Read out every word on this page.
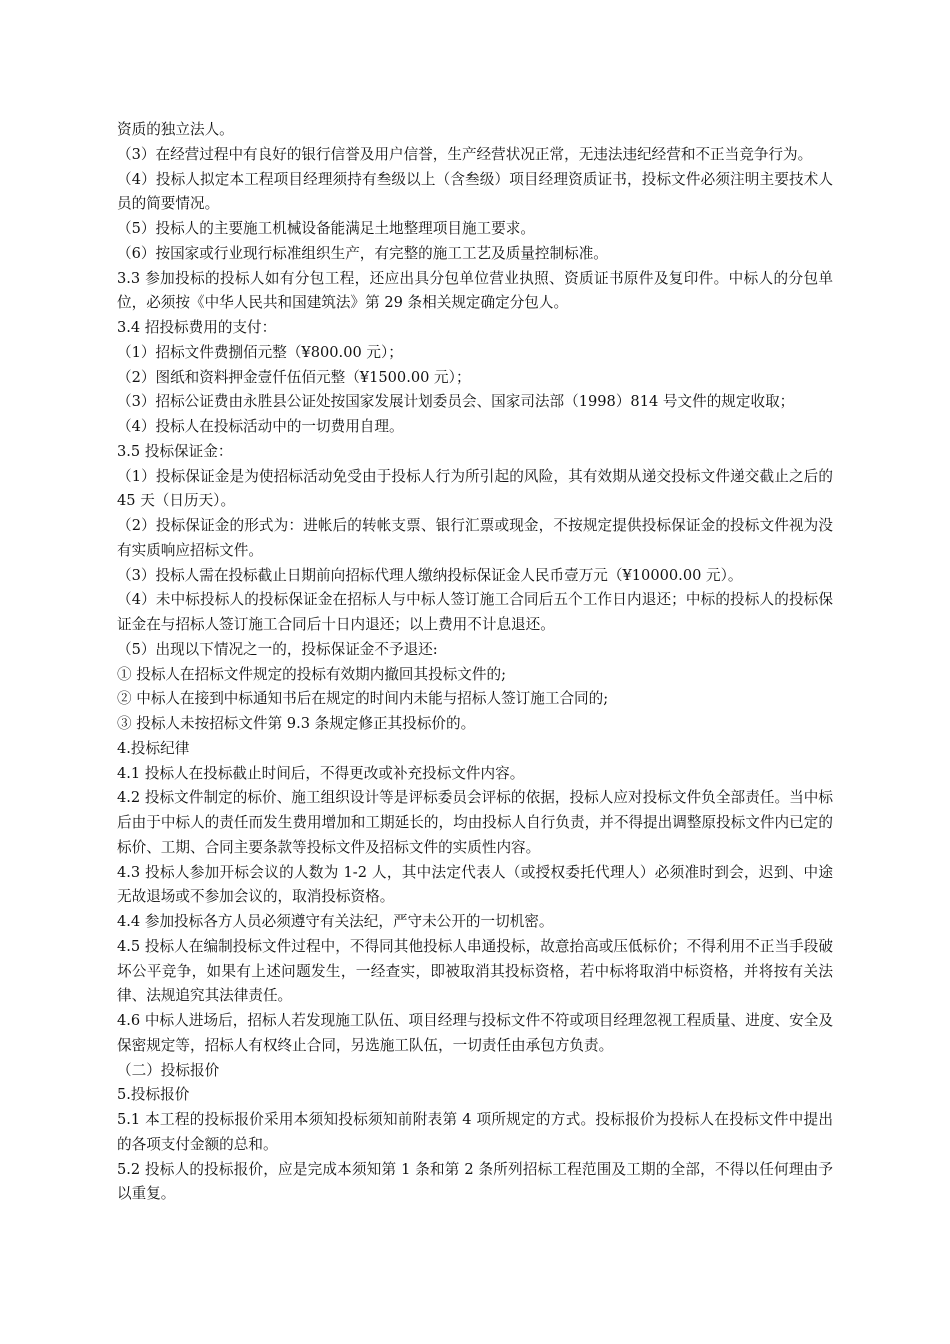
资质的独立法人。

（3）在经营过程中有良好的银行信誉及用户信誉，生产经营状况正常，无违法违纪经营和不正当竞争行为。

（4）投标人拟定本工程项目经理须持有叁级以上（含叁级）项目经理资质证书，投标文件必须注明主要技术人员的简要情况。

（5）投标人的主要施工机械设备能满足土地整理项目施工要求。

（6）按国家或行业现行标准组织生产，有完整的施工工艺及质量控制标准。

3.3 参加投标的投标人如有分包工程，还应出具分包单位营业执照、资质证书原件及复印件。中标人的分包单位，必须按《中华人民共和国建筑法》第 29 条相关规定确定分包人。

3.4 招投标费用的支付：

（1）招标文件费捌佰元整（¥800.00 元）；

（2）图纸和资料押金壹仟伍佰元整（¥1500.00 元）；

（3）招标公证费由永胜县公证处按国家发展计划委员会、国家司法部（1998）814 号文件的规定收取；

（4）投标人在投标活动中的一切费用自理。

3.5 投标保证金：

（1）投标保证金是为使招标活动免受由于投标人行为所引起的风险，其有效期从递交投标文件递交截止之后的 45 天（日历天）。

（2）投标保证金的形式为：进帐后的转帐支票、银行汇票或现金，不按规定提供投标保证金的投标文件视为没有实质响应招标文件。

（3）投标人需在投标截止日期前向招标代理人缴纳投标保证金人民币壹万元（¥10000.00 元）。

（4）未中标投标人的投标保证金在招标人与中标人签订施工合同后五个工作日内退还；中标的投标人的投标保证金在与招标人签订施工合同后十日内退还；以上费用不计息退还。

（5）出现以下情况之一的，投标保证金不予退还:

① 投标人在招标文件规定的投标有效期内撤回其投标文件的;

② 中标人在接到中标通知书后在规定的时间内未能与招标人签订施工合同的;

③ 投标人未按招标文件第 9.3 条规定修正其投标价的。

4.投标纪律

4.1 投标人在投标截止时间后，不得更改或补充投标文件内容。

4.2 投标文件制定的标价、施工组织设计等是评标委员会评标的依据，投标人应对投标文件负全部责任。当中标后由于中标人的责任而发生费用增加和工期延长的，均由投标人自行负责，并不得提出调整原投标文件内已定的标价、工期、合同主要条款等投标文件及招标文件的实质性内容。

4.3 投标人参加开标会议的人数为 1-2 人，其中法定代表人（或授权委托代理人）必须准时到会，迟到、中途无故退场或不参加会议的，取消投标资格。

4.4 参加投标各方人员必须遵守有关法纪，严守未公开的一切机密。

4.5 投标人在编制投标文件过程中，不得同其他投标人串通投标，故意抬高或压低标价；不得利用不正当手段破坏公平竞争，如果有上述问题发生，一经查实，即被取消其投标资格，若中标将取消中标资格，并将按有关法律、法规追究其法律责任。

4.6 中标人进场后，招标人若发现施工队伍、项目经理与投标文件不符或项目经理忽视工程质量、进度、安全及保密规定等，招标人有权终止合同，另选施工队伍，一切责任由承包方负责。

（二）投标报价

5.投标报价

5.1 本工程的投标报价采用本须知投标须知前附表第 4 项所规定的方式。投标报价为投标人在投标文件中提出的各项支付金额的总和。

5.2 投标人的投标报价，应是完成本须知第 1 条和第 2 条所列招标工程范围及工期的全部，不得以任何理由予以重复。
